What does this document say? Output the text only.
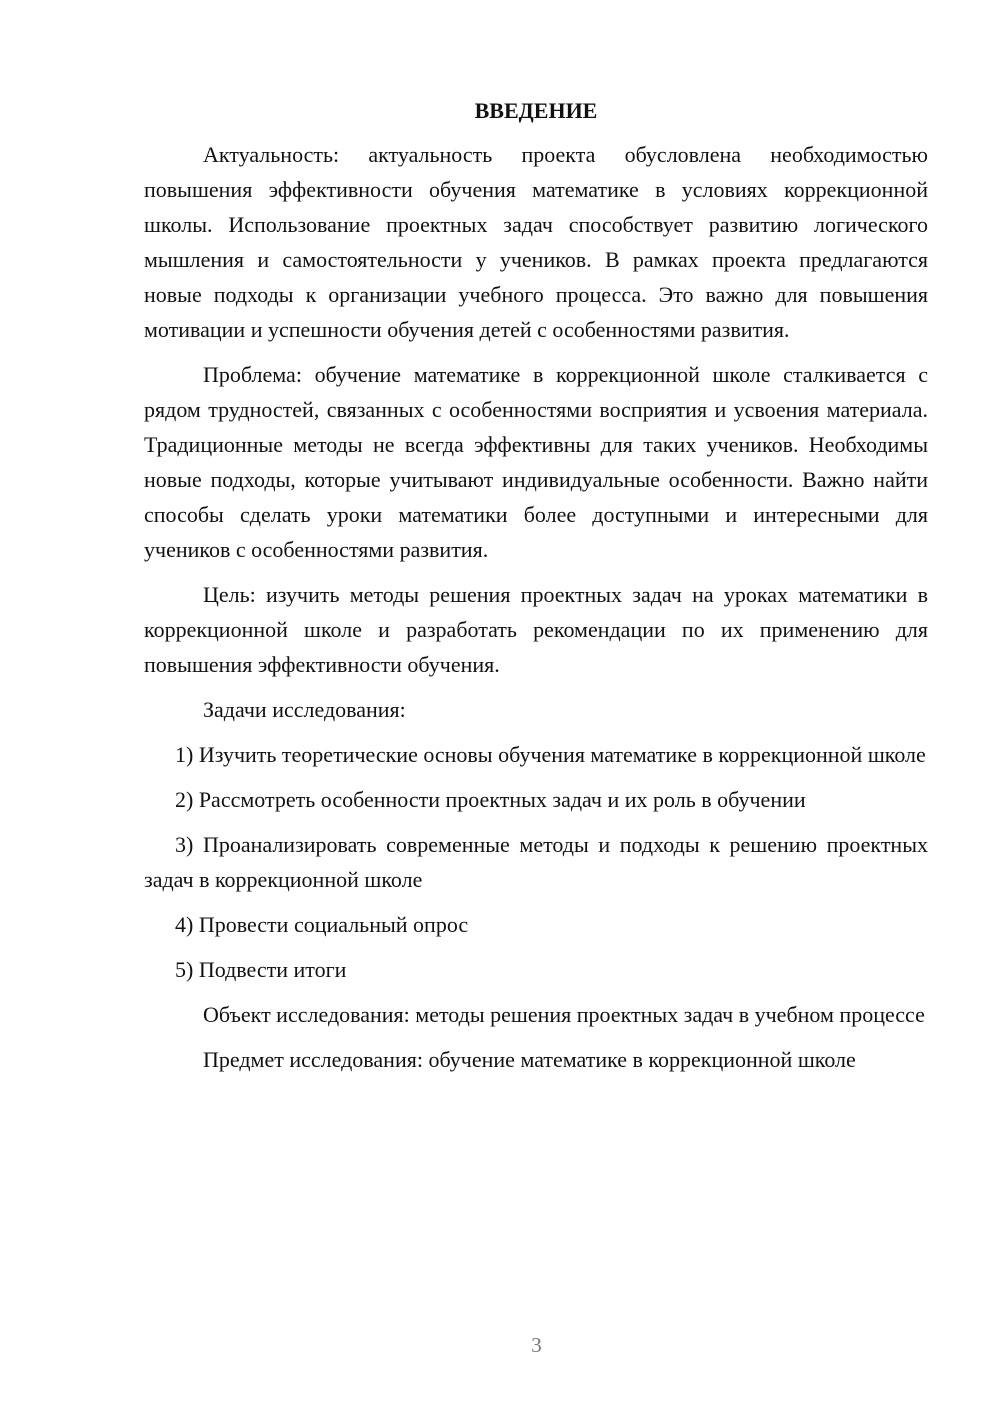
ВВЕДЕНИЕ

Актуальность: актуальность проекта обусловлена необходимостью повышения эффективности обучения математике в условиях коррекционной школы. Использование проектных задач способствует развитию логического мышления и самостоятельности у учеников. В рамках проекта предлагаются новые подходы к организации учебного процесса. Это важно для повышения мотивации и успешности обучения детей с особенностями развития.

Проблема: обучение математике в коррекционной школе сталкивается с рядом трудностей, связанных с особенностями восприятия и усвоения материала. Традиционные методы не всегда эффективны для таких учеников. Необходимы новые подходы, которые учитывают индивидуальные особенности. Важно найти способы сделать уроки математики более доступными и интересными для учеников с особенностями развития.

Цель: изучить методы решения проектных задач на уроках математики в коррекционной школе и разработать рекомендации по их применению для повышения эффективности обучения.

Задачи исследования:

1) Изучить теоретические основы обучения математике в коррекционной школе

2) Рассмотреть особенности проектных задач и их роль в обучении

3) Проанализировать современные методы и подходы к решению проектных задач в коррекционной школе

4) Провести социальный опрос

5) Подвести итоги

Объект исследования: методы решения проектных задач в учебном процессе

Предмет исследования: обучение математике в коррекционной школе

3
